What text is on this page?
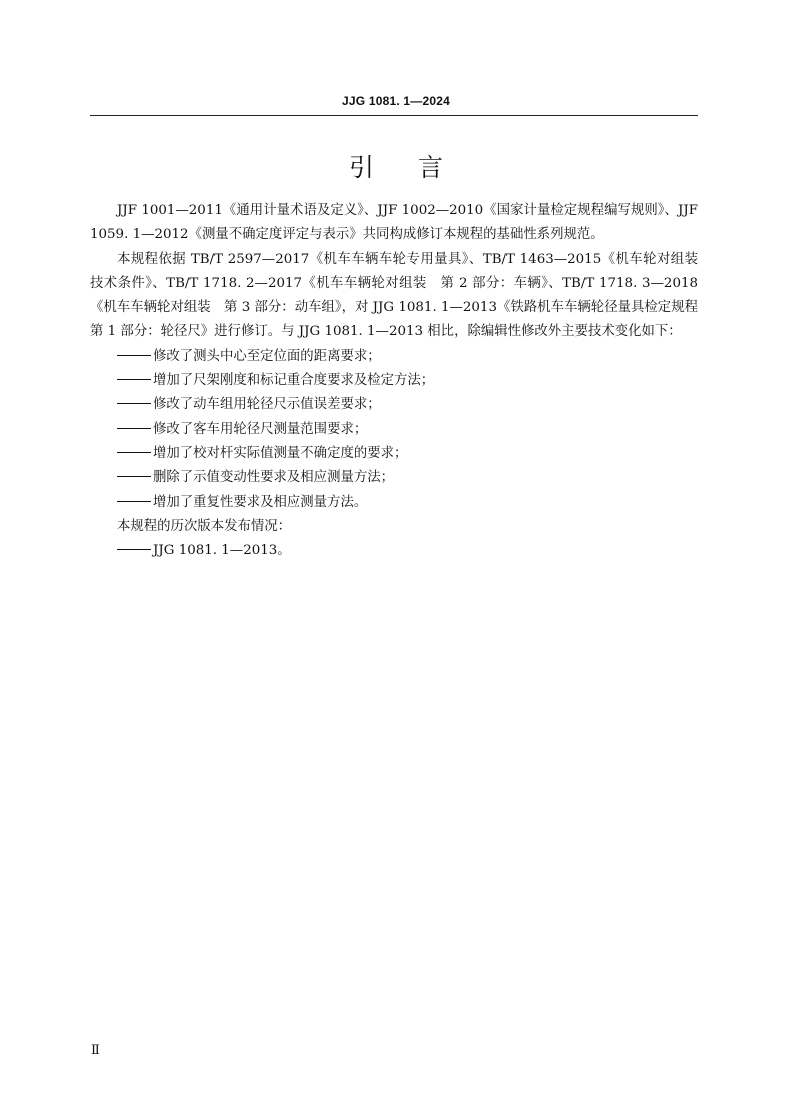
JJG 1081. 1—2024
引言

JJF 1001—2011《通用计量术语及定义》、JJF 1002—2010《国家计量检定规程编写规则》、JJF 1059. 1—2012《测量不确定度评定与表示》共同构成修订本规程的基础性系列规范。

本规程依据 TB/T 2597—2017《机车车辆车轮专用量具》、TB/T 1463—2015《机车轮对组装技术条件》、TB/T 1718. 2—2017《机车车辆轮对组装　第 2 部分：车辆》、TB/T 1718. 3—2018《机车车辆轮对组装　第 3 部分：动车组》，对 JJG 1081. 1—2013《铁路机车车辆轮径量具检定规程　第 1 部分：轮径尺》进行修订。与 JJG 1081. 1—2013 相比，除编辑性修改外主要技术变化如下：

修改了测头中心至定位面的距离要求；

增加了尺架刚度和标记重合度要求及检定方法；

修改了动车组用轮径尺示值误差要求；

修改了客车用轮径尺测量范围要求；

增加了校对杆实际值测量不确定度的要求；

删除了示值变动性要求及相应测量方法；

增加了重复性要求及相应测量方法。

本规程的历次版本发布情况：

JJG 1081. 1—2013。

Ⅱ
